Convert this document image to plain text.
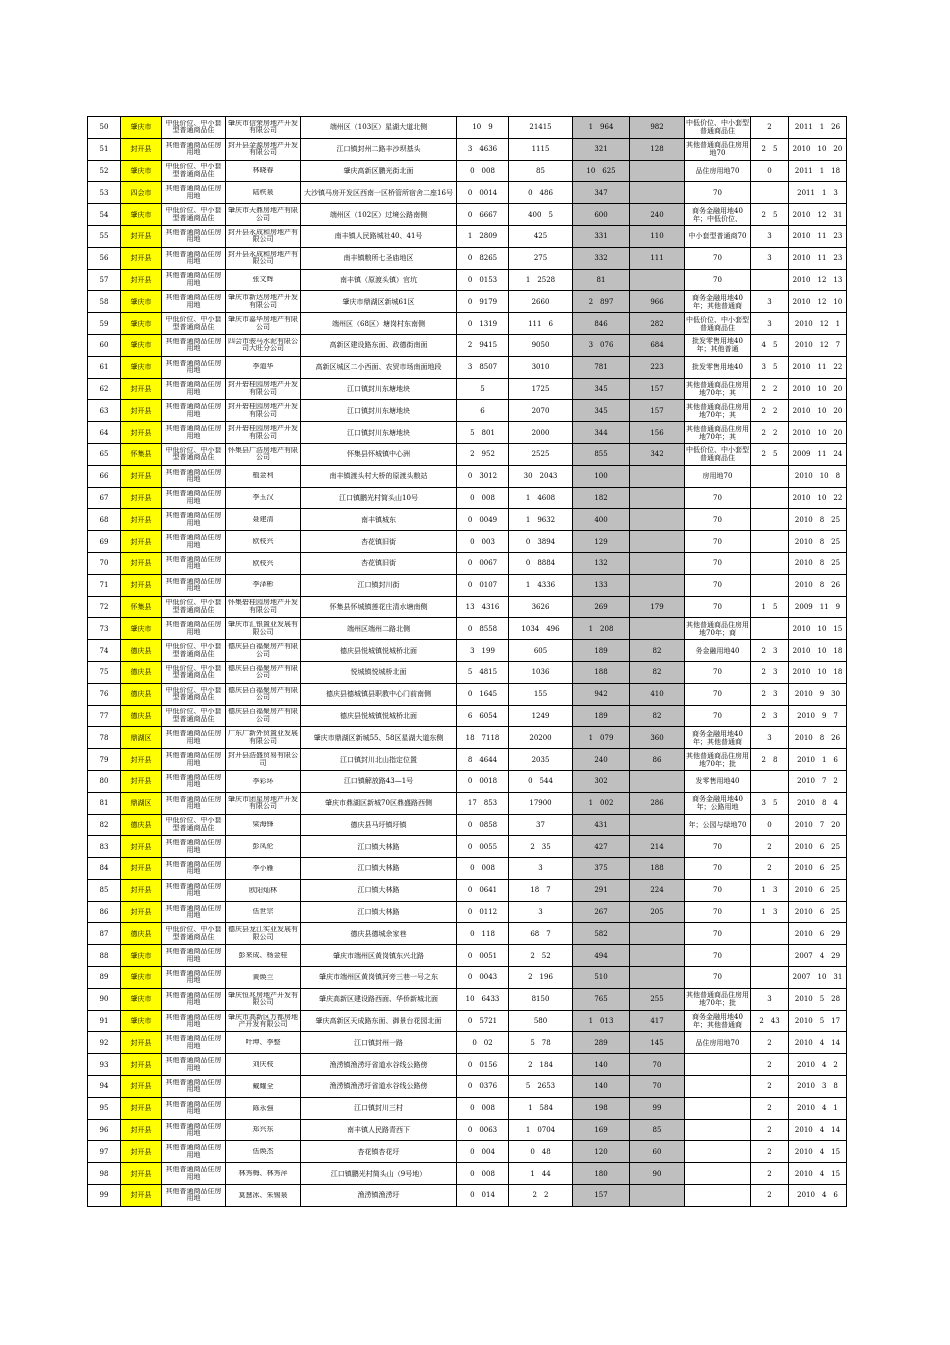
50	肇庆市	中低价位、中小套型普通商品住	肇庆市信荣房地产开发有限公司	端州区（103区）星湖大道北侧	10　9	21415	1　964	982	中低价位、中小套型普通商品住	2	2011　1　26

51	封开县	其他普通商品住房用地	封开县金源房地产开发有限公司	江口镇封州二路丰沙坝基头	3　4636	1115	321	128	其他普通商品住房用地70	2　5	2010　10　20

52	肇庆市	中低价位、中小套型普通商品住	林晓春	肇庆高新区鹏光街北面	0　008	85	10　625		品住房用地70	0	2011　1　18

53	四会市	其他普通商品住房用地	陆秩泉	大沙镇马房开发区西南一区桥管所宿舍二座16号	0　0014	0　486	347		70		2011　1　3

54	肇庆市	中低价位、中小套型普通商品住	肇庆市天鼎房地产有限公司	端州区（102区）过境公路南侧	0　6667	400　5	600	240	商务金融用地40年；中低价位、	2　5	2010　12　31

55	封开县	其他普通商品住房用地	封开县永成和房地产有限公司	南丰镇人民路城社40、41号	1　2809	425	331	110	中小套型普通商70	3	2010　11　23

56	封开县	其他普通商品住房用地	封开县永成和房地产有限公司	南丰镇粮所七圣庙地区	0　8265	275	332	111	70	3	2010　11　23

57	封开县	其他普通商品住房用地	张文辉	南丰镇（原渡头镇）官坑	0　0153	1　2528	81		70		2010　12　13

58	肇庆市	其他普通商品住房用地	肇庆市新达房地产开发有限公司	肇庆市鼎湖区新城61区	0　9179	2660	2　897	966	商务金融用地40年；其他普通商	3	2010　12　10

59	肇庆市	中低价位、中小套型普通商品住	肇庆市嘉华房地产有限公司	端州区（68区）塘岗村东南侧	0　1319	111　6	846	282	中低价位、中小套型普通商品住	3	2010　12　1

60	肇庆市	其他普通商品住房用地	四会市骏马水泥有限公司大旺分公司	高新区建设路东面、政德街南面	2　9415	9050	3　076	684	批发零售用地40年；其他普通	4　5	2010　12　7

61	肇庆市	其他普通商品住房用地	李道华	高新区城区二小西面、农贸市场南面地段	3　8507	3010	781	223	批发零售用地40	3　5	2010　11　22

62	封开县	其他普通商品住房用地	封开碧桂园房地产开发有限公司	江口镇封川东塘地块	5	1725	345	157	其他普通商品住房用地70年；其	2　2	2010　10　20

63	封开县	其他普通商品住房用地	封开碧桂园房地产开发有限公司	江口镇封川东塘地块	6	2070	345	157	其他普通商品住房用地70年；其	2　2	2010　10　20

64	封开县	其他普通商品住房用地	封开碧桂园房地产开发有限公司	江口镇封川东塘地块	5　801	2000	344	156	其他普通商品住房用地70年；其	2　2	2010　10　20

65	怀集县	中低价位、中小套型普通商品住	怀集县广浩房地产有限公司	怀集县怀城镇中心洲	2　952	2525	855	342	中低价位、中小套型普通商品住	2　5	2009　11　24

66	封开县	其他普通商品住房用地	植金利	南丰镇渡头村大桥的原渡头粮站	0　3012	30　2043	100		房用地70		2010　10　8

67	封开县	其他普通商品住房用地	李玉汉	江口镇鹏光村简头山10号	0　008	1　4608	182		70		2010　10　22

68	封开县	其他普通商品住房用地	聂建清	南丰镇城东	0　0049	1　9632	400		70		2010　8　25

69	封开县	其他普通商品住房用地	欧枝兴	杏花镇旧街	0　003	0　3894	129		70		2010　8　25

70	封开县	其他普通商品住房用地	欧枝兴	杏花镇旧街	0　0067	0　8884	132		70		2010　8　25

71	封开县	其他普通商品住房用地	李泽彬	江口镇封川街	0　0107	1　4336	133		70		2010　8　26

72	怀集县	中低价位、中小套型普通商品住	怀集碧桂园房地产开发有限公司	怀集县怀城镇莲花庄清水塘南侧	13　4316	3626	269	179	70	1　5	2009　11　9

73	肇庆市	其他普通商品住房用地	肇庆市汇银置业发展有限公司	端州区端州二路北侧	0　8558	1034　496	1　208		其他普通商品住房用地70年；商		2010　10　15

74	德庆县	中低价位、中小套型普通商品住	德庆县百福聚房产有限公司	德庆县悦城镇悦城桥北面	3　199	605	189	82	务金融用地40	2　3	2010　10　18

75	德庆县	中低价位、中小套型普通商品住	德庆县百福聚房产有限公司	悦城镇悦城桥北面	5　4815	1036	188	82	70	2　3	2010　10　18

76	德庆县	中低价位、中小套型普通商品住	德庆县百福聚房产有限公司	德庆县德城镇县职教中心门前南侧	0　1645	155	942	410	70	2　3	2010　9　30

77	德庆县	中低价位、中小套型普通商品住	德庆县百福聚房产有限公司	德庆县悦城镇悦城桥北面	6　6054	1249	189	82	70	2　3	2010　9　7

78	鼎湖区	其他普通商品住房用地	广东广新外贸置业发展有限公司	肇庆市鼎湖区新城55、58区星湖大道东侧	18　7118	20200	1　079	360	商务金融用地40年；其他普通商	3	2010　8　26

79	封开县	其他普通商品住房用地	封开县浩盛贸易有限公司	江口镇封川北山指定位置	8　4644	2035	240	86	其他普通商品住房用地70年；批	2　8	2010　1　6

80	封开县	其他普通商品住房用地	李彩环	江口镇解放路43—1号	0　0018	0　544	302		发零售用地40		2010　7　2

81	鼎湖区	其他普通商品住房用地	肇庆市团星房地产开发有限公司	肇庆市鼎湖区新城70区鼎盛路西侧	17　853	17900	1　002	286	商务金融用地40年；公路用地	3　5	2010　8　4

82	德庆县	中低价位、中小套型普通商品住	梁海锋	德庆县马圩镇圩镇	0　0858	37	431		年；公园与绿地70	0	2010　7　20

83	封开县	其他普通商品住房用地	彭凤伦	江口镇大林路	0　0055	2　35	427	214	70	2	2010　6　25

84	封开县	其他普通商品住房用地	李小雁	江口镇大林路	0　008	3	375	188	70	2	2010　6　25

85	封开县	其他普通商品住房用地	欧阳灿林	江口镇大林路	0　0641	18　7	291	224	70	1　3	2010　6　25

86	封开县	其他普通商品住房用地	伍世宗	江口镇大林路	0　0112	3	267	205	70	1　3	2010　6　25

87	德庆县	中低价位、中小套型普通商品住	德庆县龙江实业发展有限公司	德庆县德城余家巷	0　118	68　7	582		70		2010　6　29

88	肇庆市	其他普通商品住房用地	彭来成、杨金桂	肇庆市端州区黄岗镇东兴北路	0　0051	2　52	494		70		2007　4　29

89	肇庆市	其他普通商品住房用地	黄焕兰	肇庆市端州区黄岗镇河旁三巷一号之东	0　0043	2　196	510		70		2007　10　31

90	肇庆市	其他普通商品住房用地	肇庆恒兆房地产开发有限公司	肇庆高新区建设路西面、华侨新城北面	10　6433	8150	765	255	其他普通商品住房用地70年；批	3	2010　5　28

91	肇庆市	其他普通商品住房用地	肇庆市高新区万都房地产开发有限公司	肇庆高新区天成路东面、御景台花园北面	0　5721	580	1　013	417	商务金融用地40年；其他普通商	2　43	2010　5　17

92	封开县	其他普通商品住房用地	叶坤、李整	江口镇封州一路	0　02	5　78	289	145	品住房用地70	2	2010　4　14

93	封开县	其他普通商品住房用地	刘庆枝	渔涝镇渔涝圩省道水谷线公路傍	0　0156	2　184	140	70		2	2010　4　2

94	封开县	其他普通商品住房用地	戴耀全	渔涝镇渔涝圩省道水谷线公路傍	0　0376	5　2653	140	70		2	2010　3　8

95	封开县	其他普通商品住房用地	陈永强	江口镇封川三村	0　008	1　584	198	99		2	2010　4　1

96	封开县	其他普通商品住房用地	郑兴东	南丰镇人民路青西下	0　0063	1　0704	169	85		2	2010　4　14

97	封开县	其他普通商品住房用地	伍焕杰	杏花镇杏花圩	0　004	0　48	120	60		2	2010　4　15

98	封开县	其他普通商品住房用地	林秀梅、林秀萍	江口镇鹏光村简头山（9号地）	0　008	1　44	180	90		2	2010　4　15

99	封开县	其他普通商品住房用地	莫慧冰、朱锡泉	渔涝镇渔涝圩	0　014	2　2	157			2	2010　4　6
